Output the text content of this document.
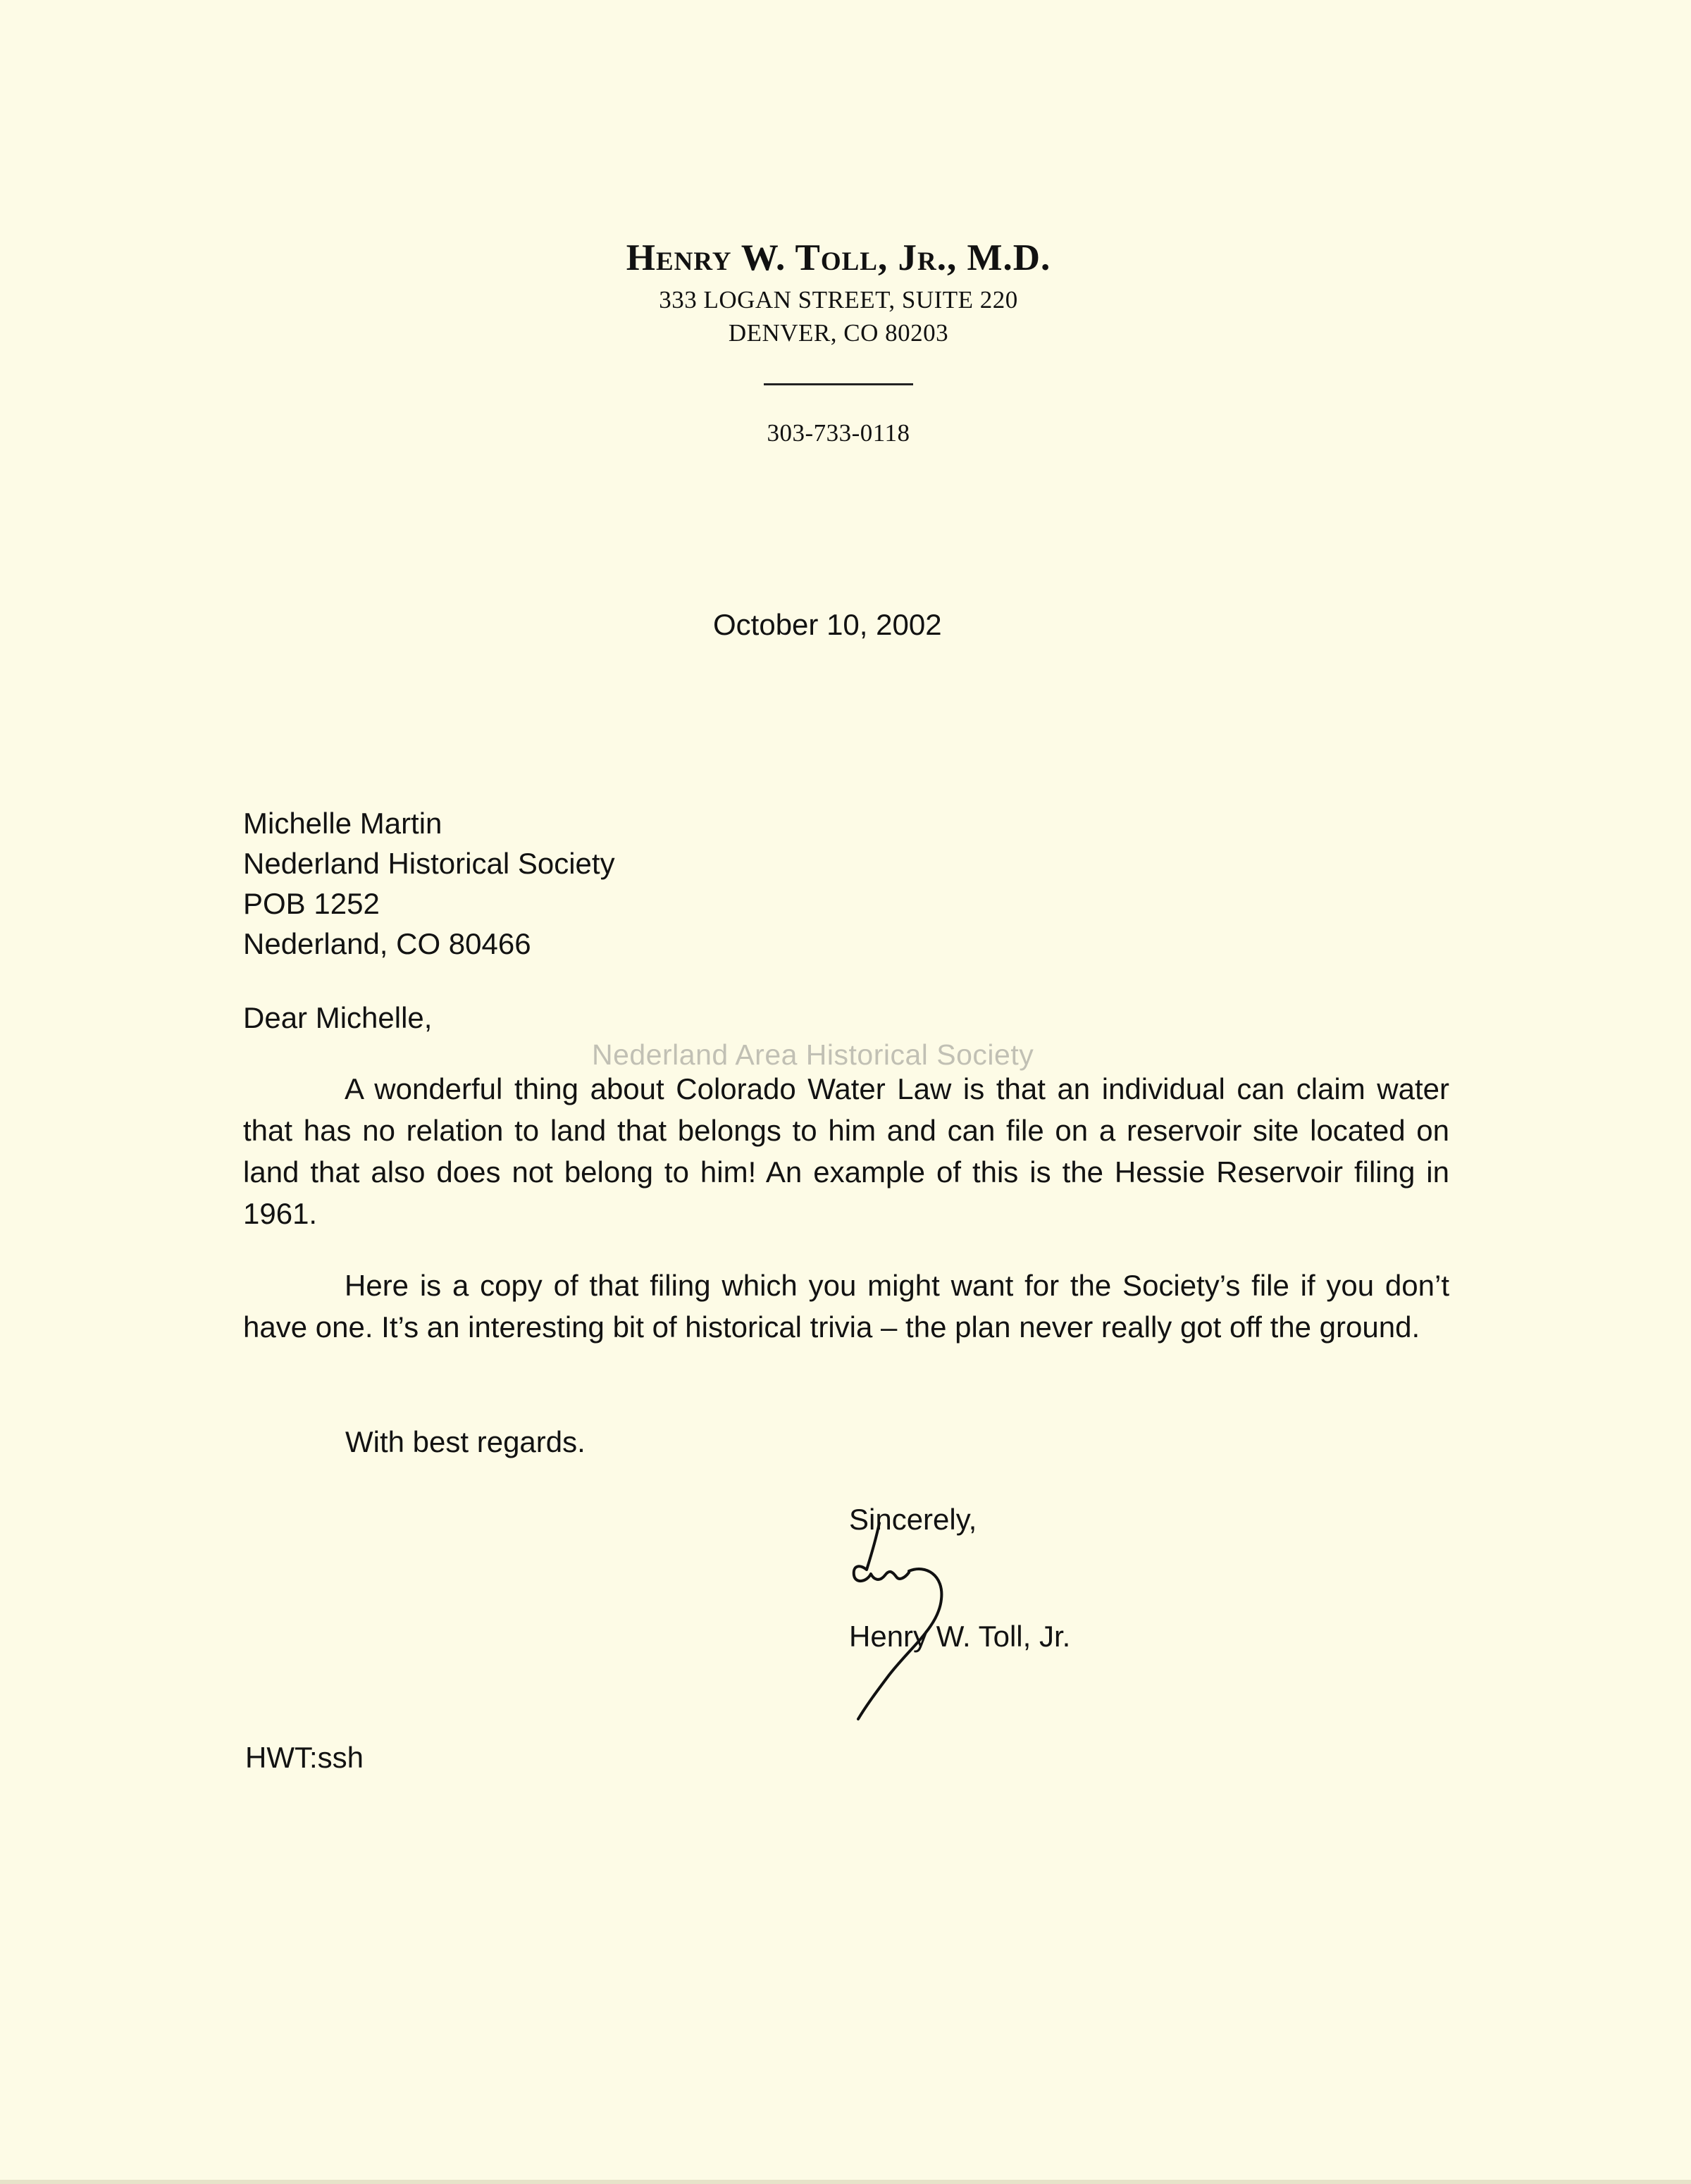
Henry W. Toll, Jr., M.D.
333 LOGAN STREET, SUITE 220
DENVER, CO 80203
303-733-0118
October 10, 2002
Michelle Martin
Nederland Historical Society
POB 1252
Nederland, CO 80466
Dear Michelle,
Nederland Area Historical Society
A wonderful thing about Colorado Water Law is that an individual can claim water that has no relation to land that belongs to him and can file on a reservoir site located on land that also does not belong to him! An example of this is the Hessie Reservoir filing in 1961.
Here is a copy of that filing which you might want for the Society’s file if you don’t have one. It’s an interesting bit of historical trivia – the plan never really got off the ground.
With best regards.
Sincerely,
Henry W. Toll, Jr.
HWT:ssh
